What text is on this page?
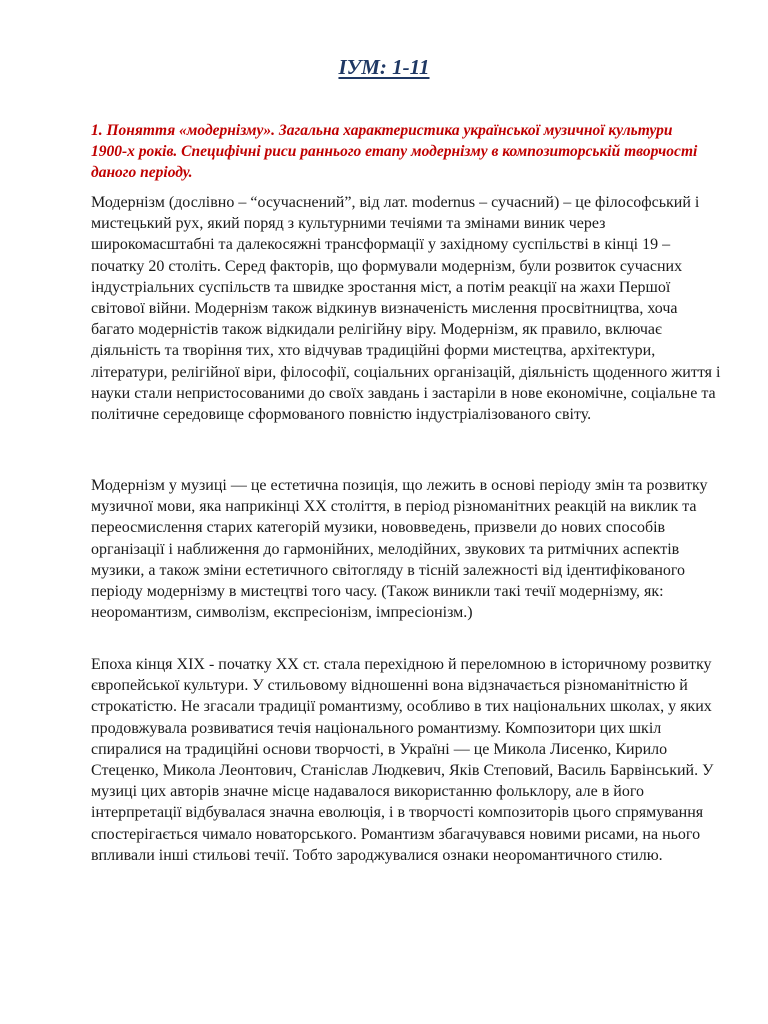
ІУМ: 1-11
1. Поняття «модернізму». Загальна характеристика української музичної культури 1900-х років. Специфічні риси раннього етапу модернізму в композиторській творчості даного періоду.

Модернізм (дослівно – “осучаснений”, від лат. modernus – сучасний) – це філософський і мистецький рух, який поряд з культурними течіями та змінами виник через широкомасштабні та далекосяжні трансформації у західному суспільстві в кінці 19 – початку 20 століть. Серед факторів, що формували модернізм, були розвиток сучасних індустріальних суспільств та швидке зростання міст, а потім реакції на жахи Першої світової війни. Модернізм також відкинув визначеність мислення просвітництва, хоча багато модерністів також відкидали релігійну віру. Модернізм, як правило, включає діяльність та творіння тих, хто відчував традиційні форми мистецтва, архітектури, літератури, релігійної віри, філософії, соціальних організацій, діяльність щоденного життя і науки стали непристосованими до своїх завдань і застаріли в нове економічне, соціальне та політичне середовище сформованого повністю індустріалізованого світу.

Модернізм у музиці — це естетична позиція, що лежить в основі періоду змін та розвитку музичної мови, яка наприкінці XX століття, в період різноманітних реакцій на виклик та переосмислення старих категорій музики, нововведень, призвели до нових способів організації і наближення до гармонійних, мелодійних, звукових та ритмічних аспектів музики, а також зміни естетичного світогляду в тісній залежності від ідентифікованого періоду модернізму в мистецтві того часу. (Також виникли такі течії модернізму, як: неоромантизм, символізм, експресіонізм, імпресіонізм.)

Епоха кінця XIX - початку XX ст. стала перехідною й переломною в історичному розвитку європейської культури. У стильовому відношенні вона відзначається різноманітністю й строкатістю. Не згасали традиції романтизму, особливо в тих національних школах, у яких продовжувала розвиватися течія національного романтизму. Композитори цих шкіл спиралися на традиційні основи творчості, в Україні — це Микола Лисенко, Кирило Стеценко, Микола Леонтович, Станіслав Людкевич, Яків Степовий, Василь Барвінський. У музиці цих авторів значне місце надавалося використанню фольклору, але в його інтерпретації відбувалася значна еволюція, і в творчості композиторів цього спрямування спостерігається чимало новаторського. Романтизм збагачувався новими рисами, на нього впливали інші стильові течії. Тобто зароджувалися ознаки неоромантичного стилю.
